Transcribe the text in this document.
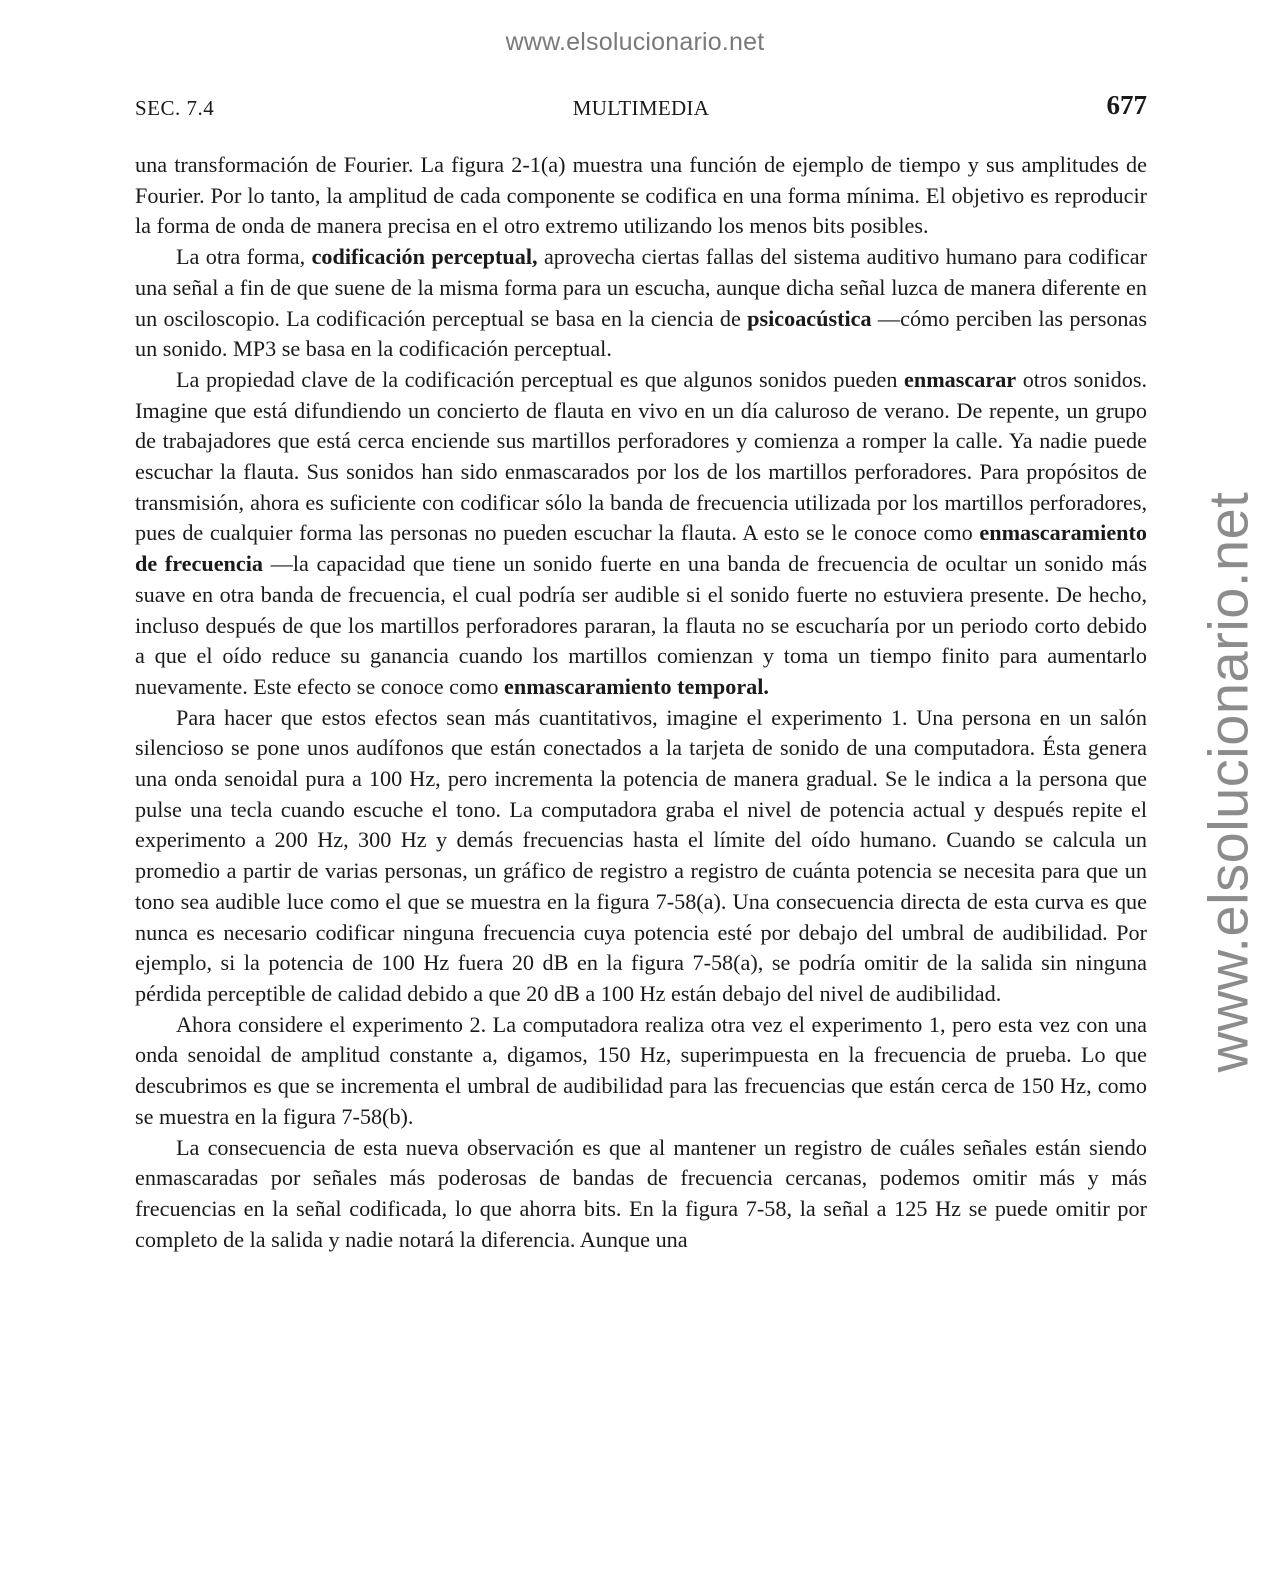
www.elsolucionario.net
www.elsolucionario.net
SEC. 7.4	MULTIMEDIA	677

una transformación de Fourier. La figura 2-1(a) muestra una función de ejemplo de tiempo y sus amplitudes de Fourier. Por lo tanto, la amplitud de cada componente se codifica en una forma mínima. El objetivo es reproducir la forma de onda de manera precisa en el otro extremo utilizando los menos bits posibles.

La otra forma, codificación perceptual, aprovecha ciertas fallas del sistema auditivo humano para codificar una señal a fin de que suene de la misma forma para un escucha, aunque dicha señal luzca de manera diferente en un osciloscopio. La codificación perceptual se basa en la ciencia de psicoacústica —cómo perciben las personas un sonido. MP3 se basa en la codificación perceptual.

La propiedad clave de la codificación perceptual es que algunos sonidos pueden enmascarar otros sonidos. Imagine que está difundiendo un concierto de flauta en vivo en un día caluroso de verano. De repente, un grupo de trabajadores que está cerca enciende sus martillos perforadores y comienza a romper la calle. Ya nadie puede escuchar la flauta. Sus sonidos han sido enmascarados por los de los martillos perforadores. Para propósitos de transmisión, ahora es suficiente con codificar sólo la banda de frecuencia utilizada por los martillos perforadores, pues de cualquier forma las personas no pueden escuchar la flauta. A esto se le conoce como enmascaramiento de frecuencia —la capacidad que tiene un sonido fuerte en una banda de frecuencia de ocultar un sonido más suave en otra banda de frecuencia, el cual podría ser audible si el sonido fuerte no estuviera presente. De hecho, incluso después de que los martillos perforadores pararan, la flauta no se escucharía por un periodo corto debido a que el oído reduce su ganancia cuando los martillos comienzan y toma un tiempo finito para aumentarlo nuevamente. Este efecto se conoce como enmascaramiento temporal.

Para hacer que estos efectos sean más cuantitativos, imagine el experimento 1. Una persona en un salón silencioso se pone unos audífonos que están conectados a la tarjeta de sonido de una computadora. Ésta genera una onda senoidal pura a 100 Hz, pero incrementa la potencia de manera gradual. Se le indica a la persona que pulse una tecla cuando escuche el tono. La computadora graba el nivel de potencia actual y después repite el experimento a 200 Hz, 300 Hz y demás frecuencias hasta el límite del oído humano. Cuando se calcula un promedio a partir de varias personas, un gráfico de registro a registro de cuánta potencia se necesita para que un tono sea audible luce como el que se muestra en la figura 7-58(a). Una consecuencia directa de esta curva es que nunca es necesario codificar ninguna frecuencia cuya potencia esté por debajo del umbral de audibilidad. Por ejemplo, si la potencia de 100 Hz fuera 20 dB en la figura 7-58(a), se podría omitir de la salida sin ninguna pérdida perceptible de calidad debido a que 20 dB a 100 Hz están debajo del nivel de audibilidad.

Ahora considere el experimento 2. La computadora realiza otra vez el experimento 1, pero esta vez con una onda senoidal de amplitud constante a, digamos, 150 Hz, superimpuesta en la frecuencia de prueba. Lo que descubrimos es que se incrementa el umbral de audibilidad para las frecuencias que están cerca de 150 Hz, como se muestra en la figura 7-58(b).

La consecuencia de esta nueva observación es que al mantener un registro de cuáles señales están siendo enmascaradas por señales más poderosas de bandas de frecuencia cercanas, podemos omitir más y más frecuencias en la señal codificada, lo que ahorra bits. En la figura 7-58, la señal a 125 Hz se puede omitir por completo de la salida y nadie notará la diferencia. Aunque una
